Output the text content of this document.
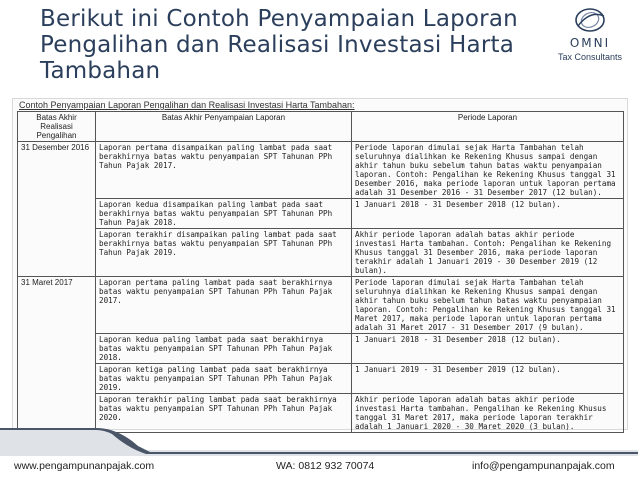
Berikut ini Contoh Penyampaian Laporan
Pengalihan dan Realisasi Investasi Harta
Tambahan
OMNI
Tax Consultants
Contoh Penyampaian Laporan Pengalihan dan Realisasi Investasi Harta Tambahan:
Batas Akhir Realisasi Pengalihan	Batas Akhir Penyampaian Laporan	Periode Laporan
31 Desember 2016	Laporan pertama disampaikan paling lambat pada saat berakhirnya batas waktu penyampaian SPT Tahunan PPh Tahun Pajak 2017.	Periode laporan dimulai sejak Harta Tambahan telah seluruhnya dialihkan ke Rekening Khusus sampai dengan akhir tahun buku sebelum tahun batas waktu penyampaian laporan. Contoh: Pengalihan ke Rekening Khusus tanggal 31 Desember 2016, maka periode laporan untuk laporan pertama adalah 31 Desember 2016 - 31 Desember 2017 (12 bulan).
	Laporan kedua disampaikan paling lambat pada saat berakhirnya batas waktu penyampaian SPT Tahunan PPh Tahun Pajak 2018.	1 Januari 2018 - 31 Desember 2018 (12 bulan).
	Laporan terakhir disampaikan paling lambat pada saat berakhirnya batas waktu penyampaian SPT Tahunan PPh Tahun Pajak 2019.	Akhir periode laporan adalah batas akhir periode investasi Harta tambahan. Contoh: Pengalihan ke Rekening Khusus tanggal 31 Desember 2016, maka periode laporan terakhir adalah 1 Januari 2019 - 30 Desember 2019 (12 bulan).
31 Maret 2017	Laporan pertama paling lambat pada saat berakhirnya batas waktu penyampaian SPT Tahunan PPh Tahun Pajak 2017.	Periode laporan dimulai sejak Harta Tambahan telah seluruhnya dialihkan ke Rekening Khusus sampai dengan akhir tahun buku sebelum tahun batas waktu penyampaian laporan. Contoh: Pengalihan ke Rekening Khusus tanggal 31 Maret 2017, maka periode laporan untuk laporan pertama adalah 31 Maret 2017 - 31 Desember 2017 (9 bulan).
	Laporan kedua paling lambat pada saat berakhirnya batas waktu penyampaian SPT Tahunan PPh Tahun Pajak 2018.	1 Januari 2018 - 31 Desember 2018 (12 bulan).
	Laporan ketiga paling lambat pada saat berakhirnya batas waktu penyampaian SPT Tahunan PPh Tahun Pajak 2019.	1 Januari 2019 - 31 Desember 2019 (12 bulan).
	Laporan terakhir paling lambat pada saat berakhirnya batas waktu penyampaian SPT Tahunan PPh Tahun Pajak 2020.	Akhir periode laporan adalah batas akhir periode investasi Harta tambahan. Pengalihan ke Rekening Khusus tanggal 31 Maret 2017, maka periode laporan terakhir adalah 1 Januari 2020 - 30 Maret 2020 (3 bulan).
www.pengampunanpajak.com	WA: 0812 932 70074	info@pengampunanpajak.com
